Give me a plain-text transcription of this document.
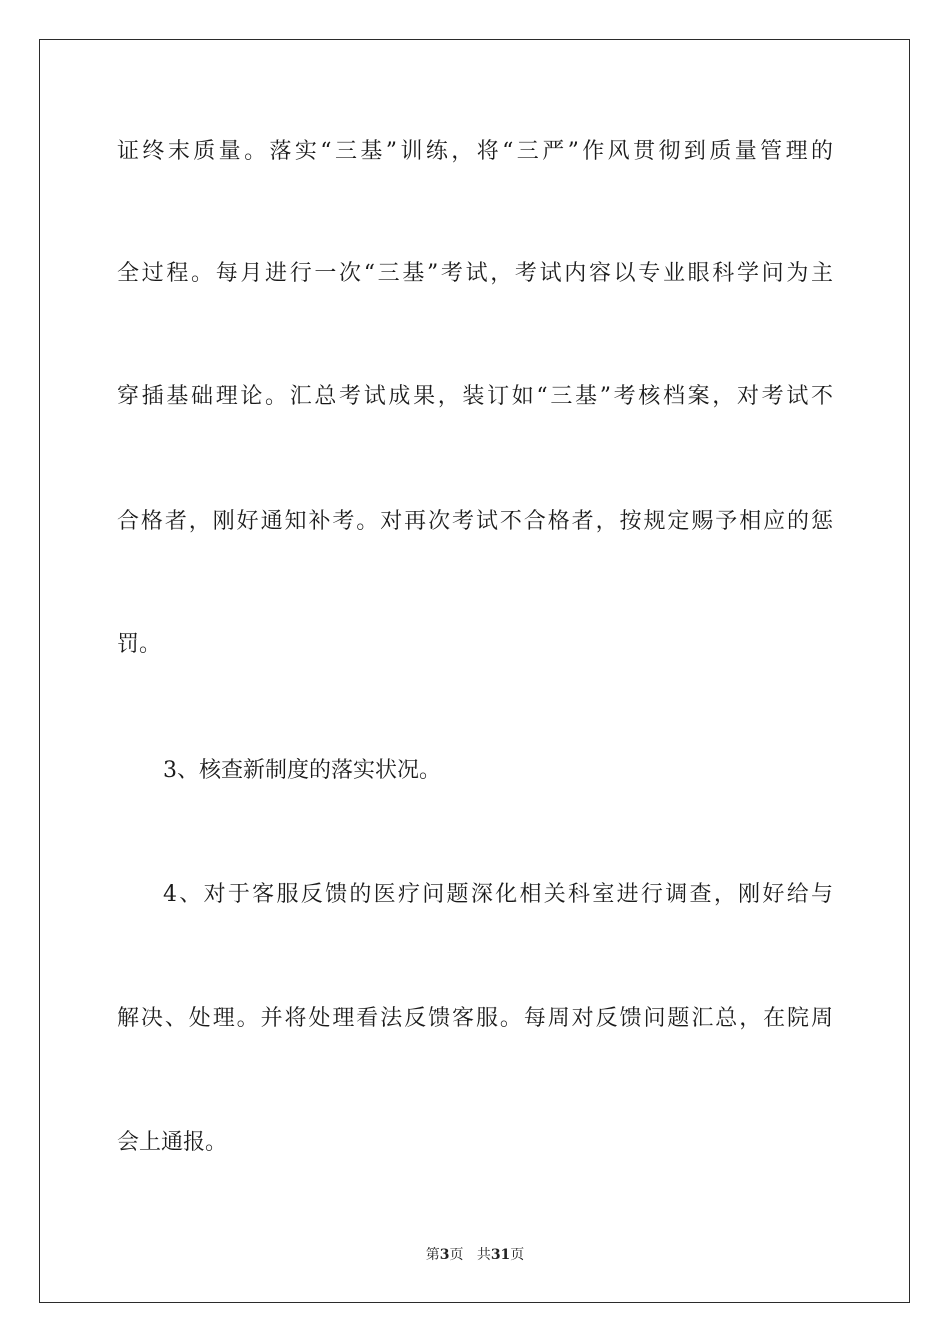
证终末质量。落实“三基”训练，将“三严”作风贯彻到质量管理的
全过程。每月进行一次“三基”考试，考试内容以专业眼科学问为主
穿插基础理论。汇总考试成果，装订如“三基”考核档案，对考试不
合格者，刚好通知补考。对再次考试不合格者，按规定赐予相应的惩
罚。
3、核查新制度的落实状况。
4、对于客服反馈的医疗问题深化相关科室进行调查，刚好给与
解决、处理。并将处理看法反馈客服。每周对反馈问题汇总，在院周
会上通报。
第3页 共31页
